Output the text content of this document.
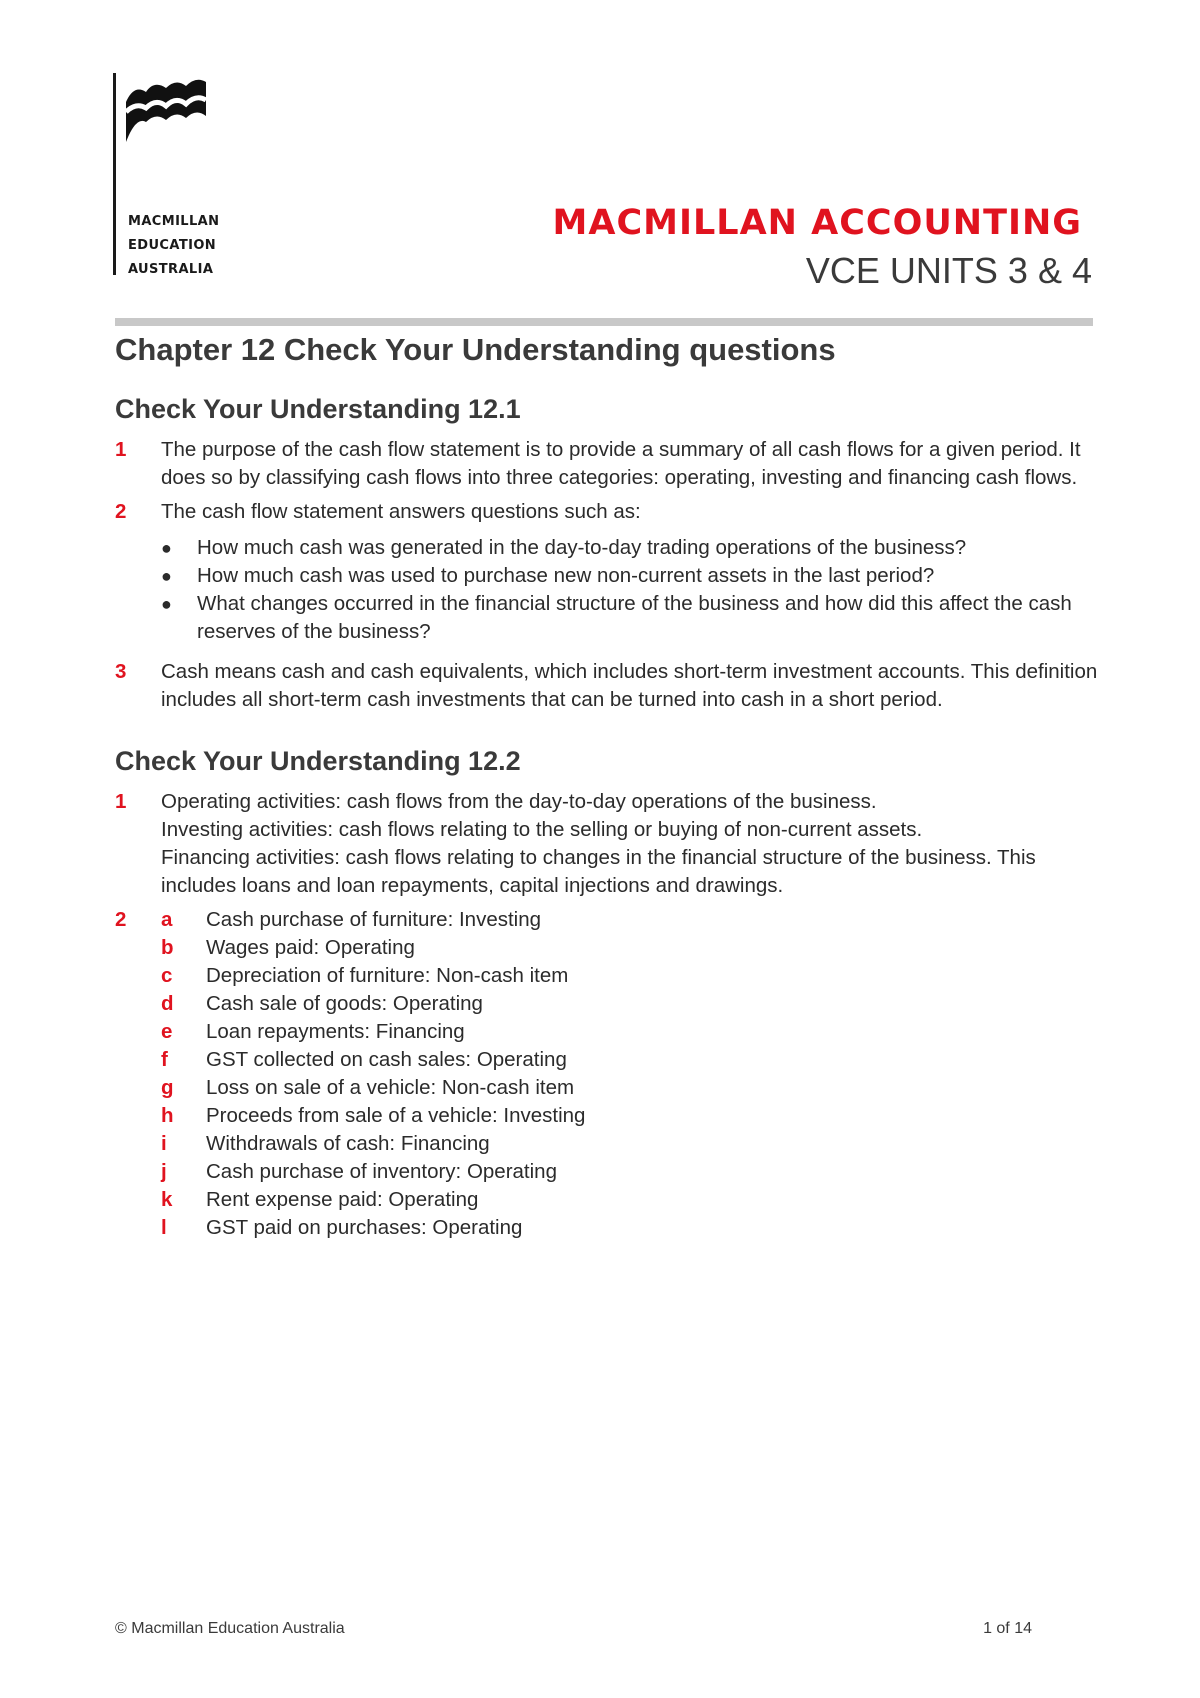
MACMILLAN
EDUCATION
AUSTRALIA
MACMILLAN ACCOUNTING
VCE UNITS 3 & 4
Chapter 12 Check Your Understanding questions
Check Your Understanding 12.1
1	The purpose of the cash flow statement is to provide a summary of all cash flows for a given period. It does so by classifying cash flows into three categories: operating, investing and financing cash flows.

2	The cash flow statement answers questions such as:

●	How much cash was generated in the day-to-day trading operations of the business?
●	How much cash was used to purchase new non-current assets in the last period?
●	What changes occurred in the financial structure of the business and how did this affect the cash reserves of the business?
3	Cash means cash and cash equivalents, which includes short-term investment accounts. This definition includes all short-term cash investments that can be turned into cash in a short period.

Check Your Understanding 12.2
1	Operating activities: cash flows from the day-to-day operations of the business.

Investing activities: cash flows relating to the selling or buying of non-current assets.

Financing activities: cash flows relating to changes in the financial structure of the business. This includes loans and loan repayments, capital injections and drawings.

2	a	Cash purchase of furniture: Investing
b	Wages paid: Operating
c	Depreciation of furniture: Non-cash item
d	Cash sale of goods: Operating
e	Loan repayments: Financing
f	GST collected on cash sales: Operating
g	Loss on sale of a vehicle: Non-cash item
h	Proceeds from sale of a vehicle: Investing
i	Withdrawals of cash: Financing
j	Cash purchase of inventory: Operating
k	Rent expense paid: Operating
l	GST paid on purchases: Operating
© Macmillan Education Australia	1 of 14
